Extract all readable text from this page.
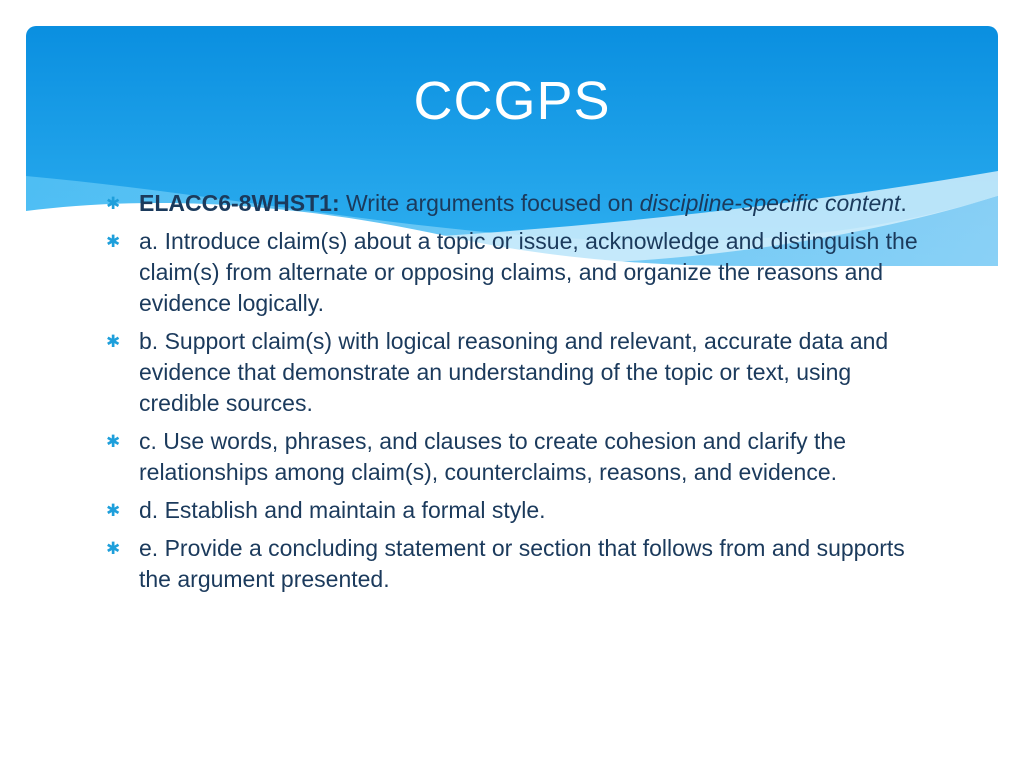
CCGPS
✱ ELACC6-8WHST1: Write arguments focused on discipline-specific content.
✱ a. Introduce claim(s) about a topic or issue, acknowledge and distinguish the claim(s) from alternate or opposing claims, and organize the reasons and evidence logically.
✱ b. Support claim(s) with logical reasoning and relevant, accurate data and evidence that demonstrate an understanding of the topic or text, using credible sources.
✱ c. Use words, phrases, and clauses to create cohesion and clarify the relationships among claim(s), counterclaims, reasons, and evidence.
✱ d. Establish and maintain a formal style.
✱ e. Provide a concluding statement or section that follows from and supports the argument presented.
